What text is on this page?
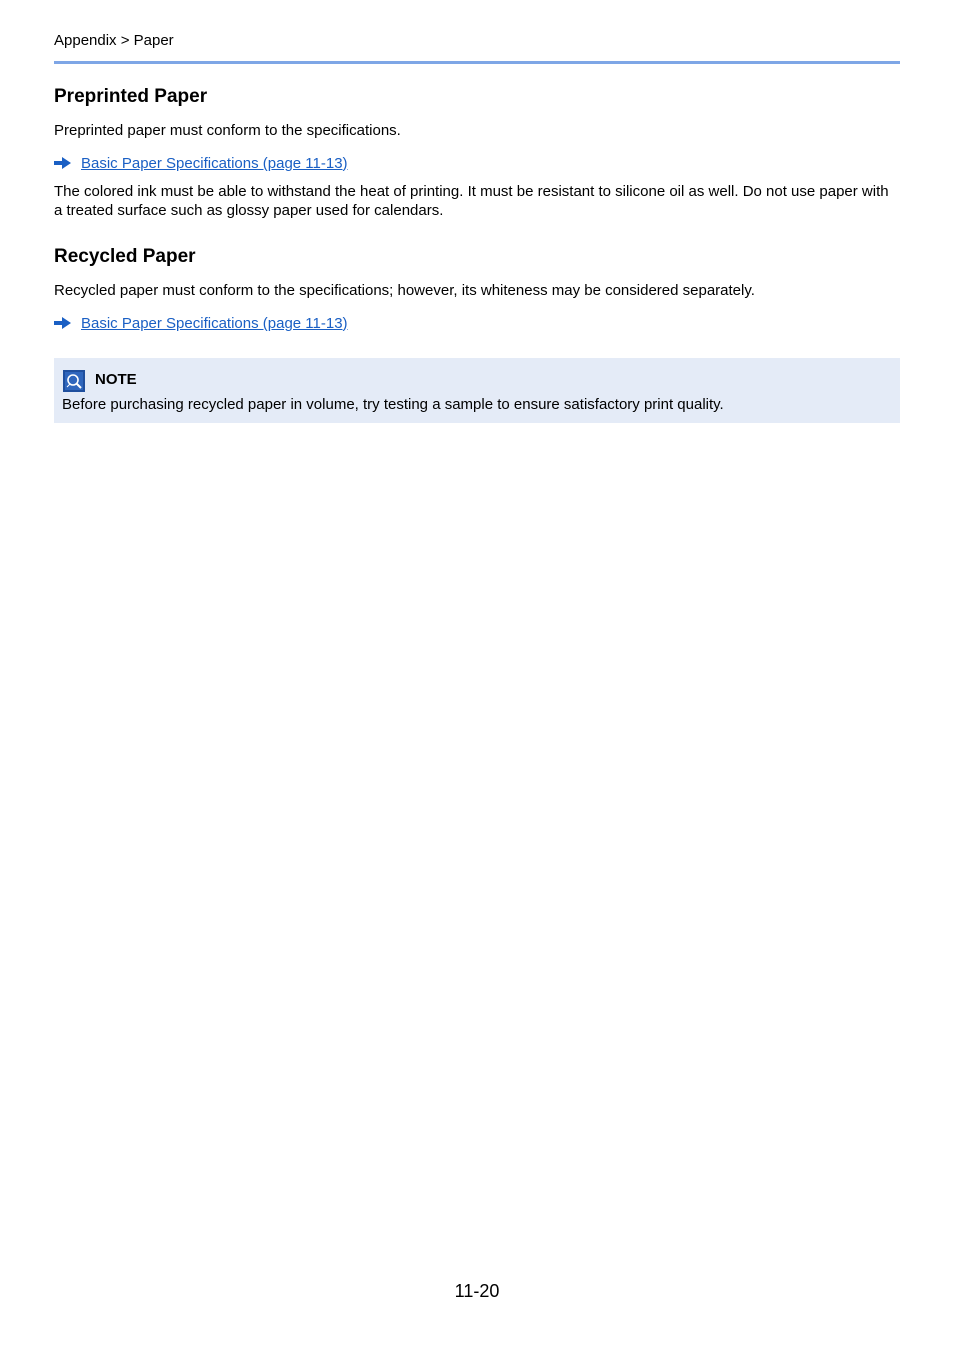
Appendix > Paper
Preprinted Paper

Preprinted paper must conform to the specifications.

Basic Paper Specifications (page 11-13)

The colored ink must be able to withstand the heat of printing. It must be resistant to silicone oil as well. Do not use paper with a treated surface such as glossy paper used for calendars.

Recycled Paper

Recycled paper must conform to the specifications; however, its whiteness may be considered separately.

Basic Paper Specifications (page 11-13)
NOTE
Before purchasing recycled paper in volume, try testing a sample to ensure satisfactory print quality.
11-20
